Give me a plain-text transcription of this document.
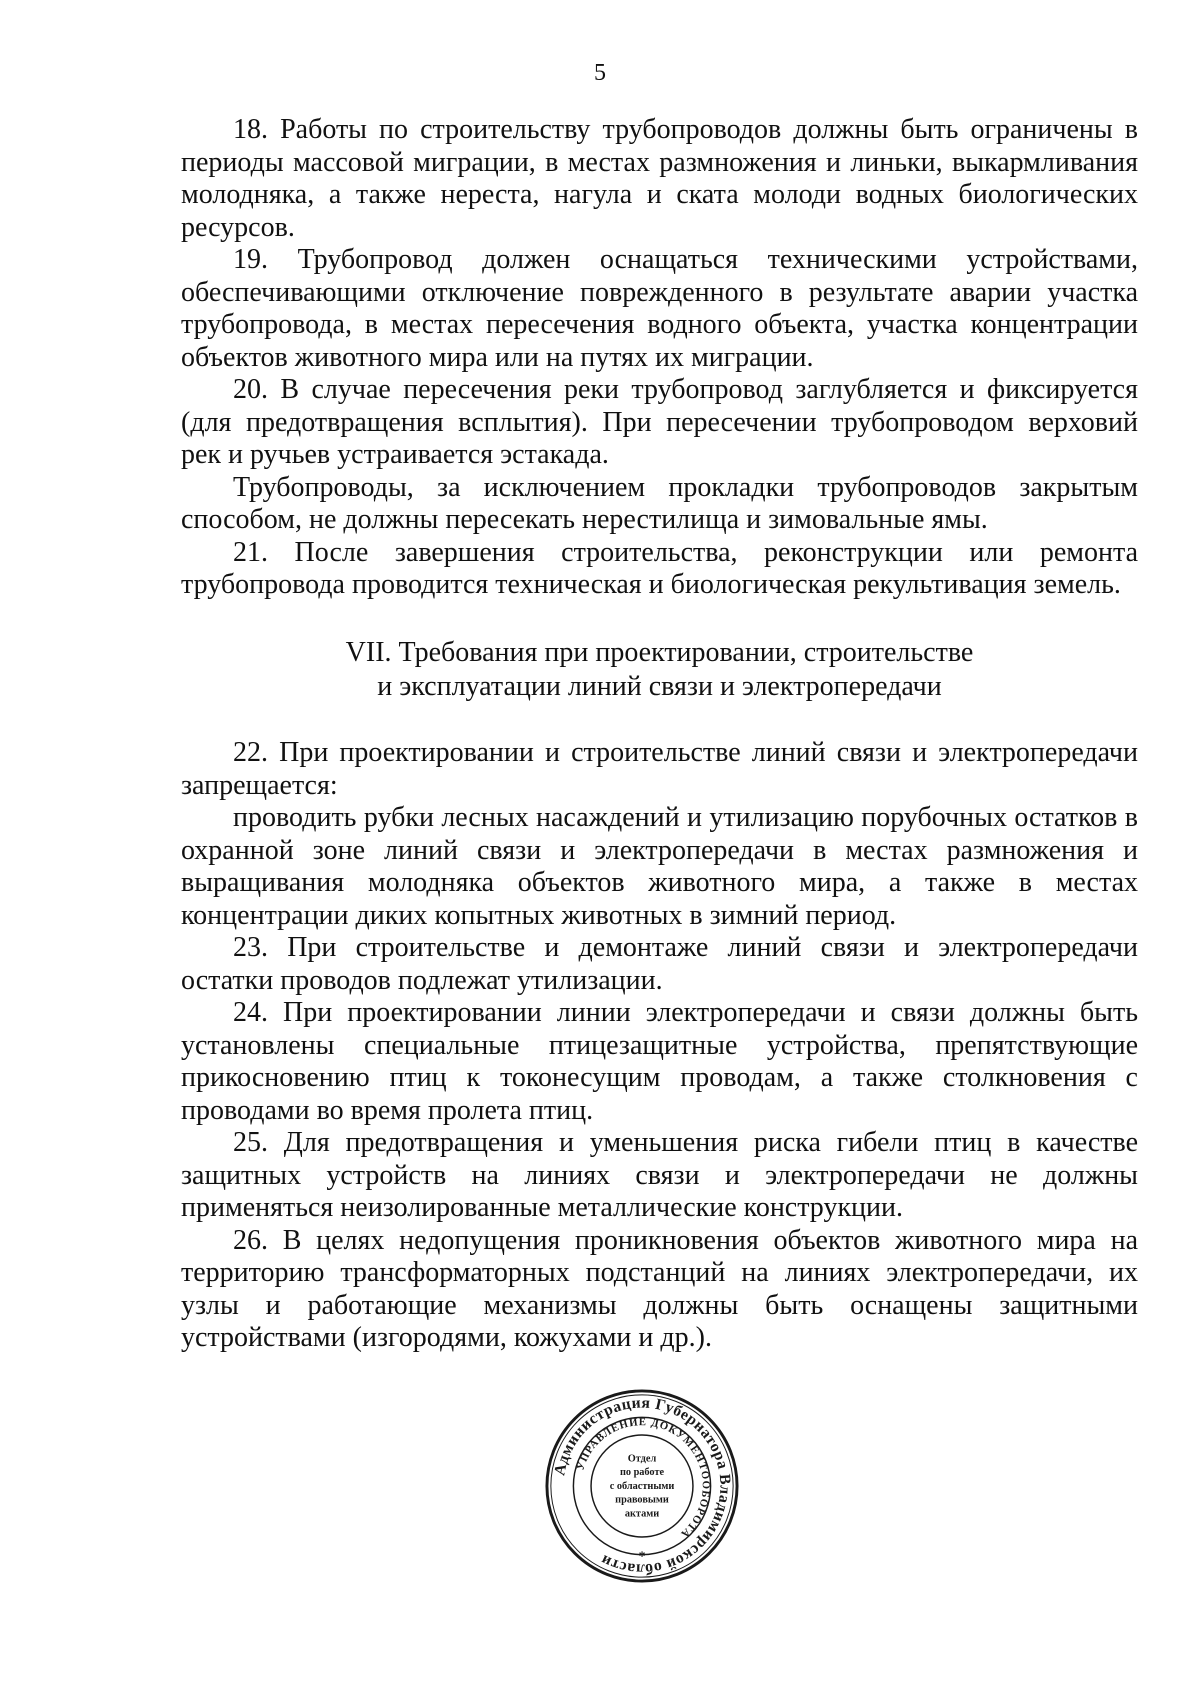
5

18. Работы по строительству трубопроводов должны быть ограничены в периоды массовой миграции, в местах размножения и линьки, выкармливания молодняка, а также нереста, нагула и ската молоди водных биологических ресурсов.

19. Трубопровод должен оснащаться техническими устройствами, обеспечивающими отключение поврежденного в результате аварии участка трубопровода, в местах пересечения водного объекта, участка концентрации объектов животного мира или на путях их миграции.

20. В случае пересечения реки трубопровод заглубляется и фиксируется (для предотвращения всплытия). При пересечении трубопроводом верховий рек и ручьев устраивается эстакада.

Трубопроводы, за исключением прокладки трубопроводов закрытым способом, не должны пересекать нерестилища и зимовальные ямы.

21. После завершения строительства, реконструкции или ремонта трубопровода проводится техническая и биологическая рекультивация земель.

VII. Требования при проектировании, строительстве
и эксплуатации линий связи и электропередачи

22. При проектировании и строительстве линий связи и электропередачи запрещается:

проводить рубки лесных насаждений и утилизацию порубочных остатков в охранной зоне линий связи и электропередачи в местах размножения и выращивания молодняка объектов животного мира, а также в местах концентрации диких копытных животных в зимний период.

23. При строительстве и демонтаже линий связи и электропередачи остатки проводов подлежат утилизации.

24. При проектировании линии электропередачи и связи должны быть установлены специальные птицезащитные устройства, препятствующие прикосновению птиц к токонесущим проводам, а также столкновения с проводами во время пролета птиц.

25. Для предотвращения и уменьшения риска гибели птиц в качестве защитных устройств на линиях связи и электропередачи не должны применяться неизолированные металлические конструкции.

26. В целях недопущения проникновения объектов животного мира на территорию трансформаторных подстанций на линиях электропередачи, их узлы и работающие механизмы должны быть оснащены защитными устройствами (изгородями, кожухами и др.).

Администрация Губернатора Владимирской области
УПРАВЛЕНИЕ ДОКУМЕНТООБОРОТА
Отдел
по работе
с областными
правовыми
актами
*
